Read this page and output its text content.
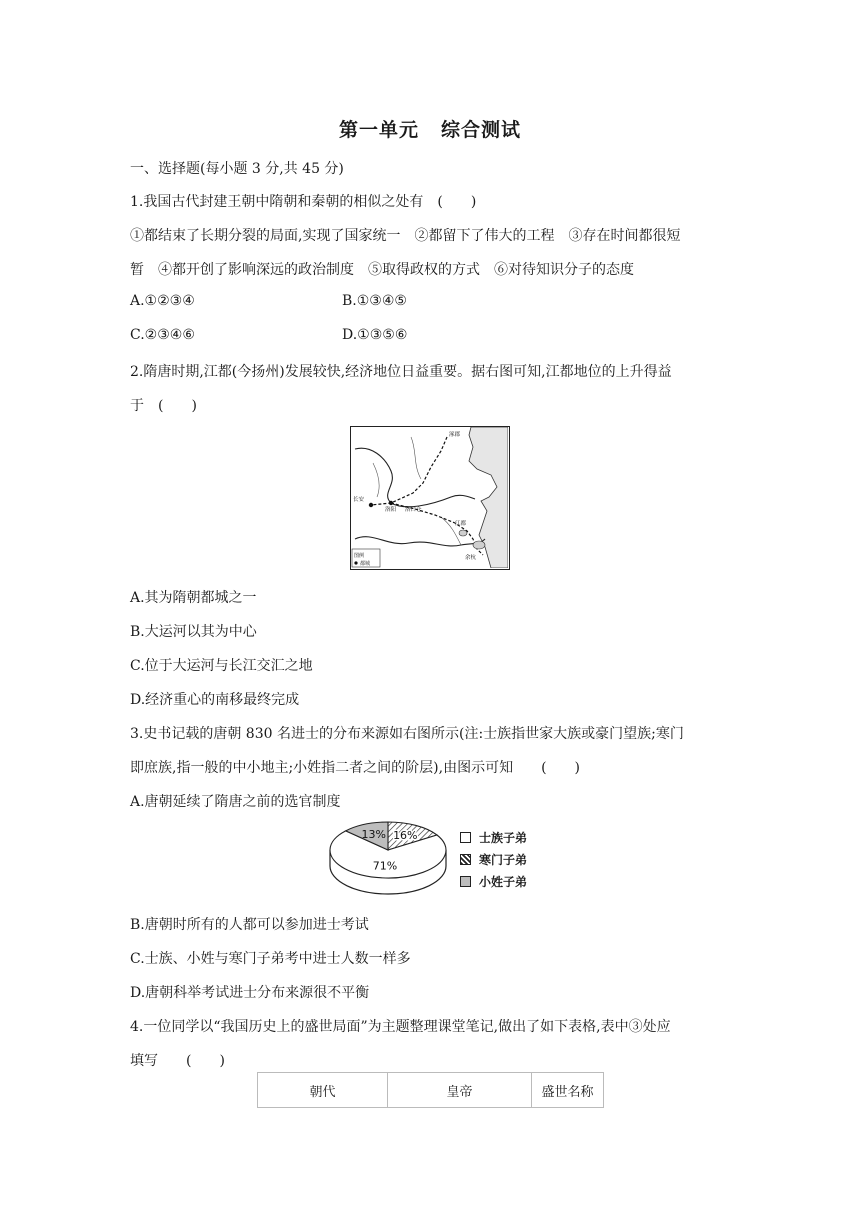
第一单元 综合测试
一、选择题(每小题 3 分,共 45 分)
1.我国古代封建王朝中隋朝和秦朝的相似之处有　(　　)
①都结束了长期分裂的局面,实现了国家统一　②都留下了伟大的工程　③存在时间都很短
暂　④都开创了影响深远的政治制度　⑤取得政权的方式　⑥对待知识分子的态度
A.①②③④	B.①③④⑤
C.②③④⑥	D.①③⑤⑥
2.隋唐时期,江都(今扬州)发展较快,经济地位日益重要。据右图可知,江都地位的上升得益
于　(　　)
涿郡
长安
洛阳 洛口仓
江都
余杭
图例
都城
A.其为隋朝都城之一
B.大运河以其为中心
C.位于大运河与长江交汇之地
D.经济重心的南移最终完成
3.史书记载的唐朝 830 名进士的分布来源如右图所示(注:士族指世家大族或豪门望族;寒门
即庶族,指一般的中小地主;小姓指二者之间的阶层),由图示可知　　(　　)
A.唐朝延续了隋唐之前的选官制度
16%
71%
13%	士族子弟
寒门子弟
小姓子弟
B.唐朝时所有的人都可以参加进士考试
C.士族、小姓与寒门子弟考中进士人数一样多
D.唐朝科举考试进士分布来源很不平衡
4.一位同学以“我国历史上的盛世局面”为主题整理课堂笔记,做出了如下表格,表中③处应
填写　　(　　)
朝代	皇帝	盛世名称
